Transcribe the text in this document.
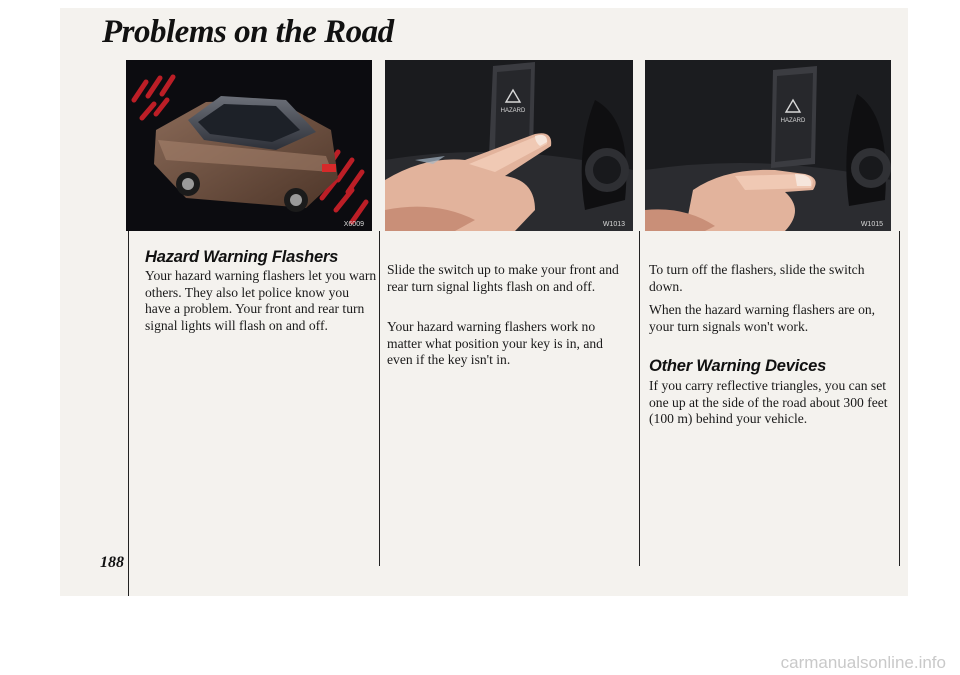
Problems on the Road
X6009
HAZARD
W1013
HAZARD
W1015
Hazard Warning Flashers

Your hazard warning flashers let you warn others. They also let police know you have a problem. Your front and rear turn signal lights will flash on and off.

Slide the switch up to make your front and rear turn signal lights flash on and off.

Your hazard warning flashers work no matter what position your key is in, and even if the key isn't in.

To turn off the flashers, slide the switch down.

When the hazard warning flashers are on, your turn signals won't work.

Other Warning Devices

If you carry reflective triangles, you can set one up at the side of the road about 300 feet (100 m) behind your vehicle.

188
carmanualsonline.info
